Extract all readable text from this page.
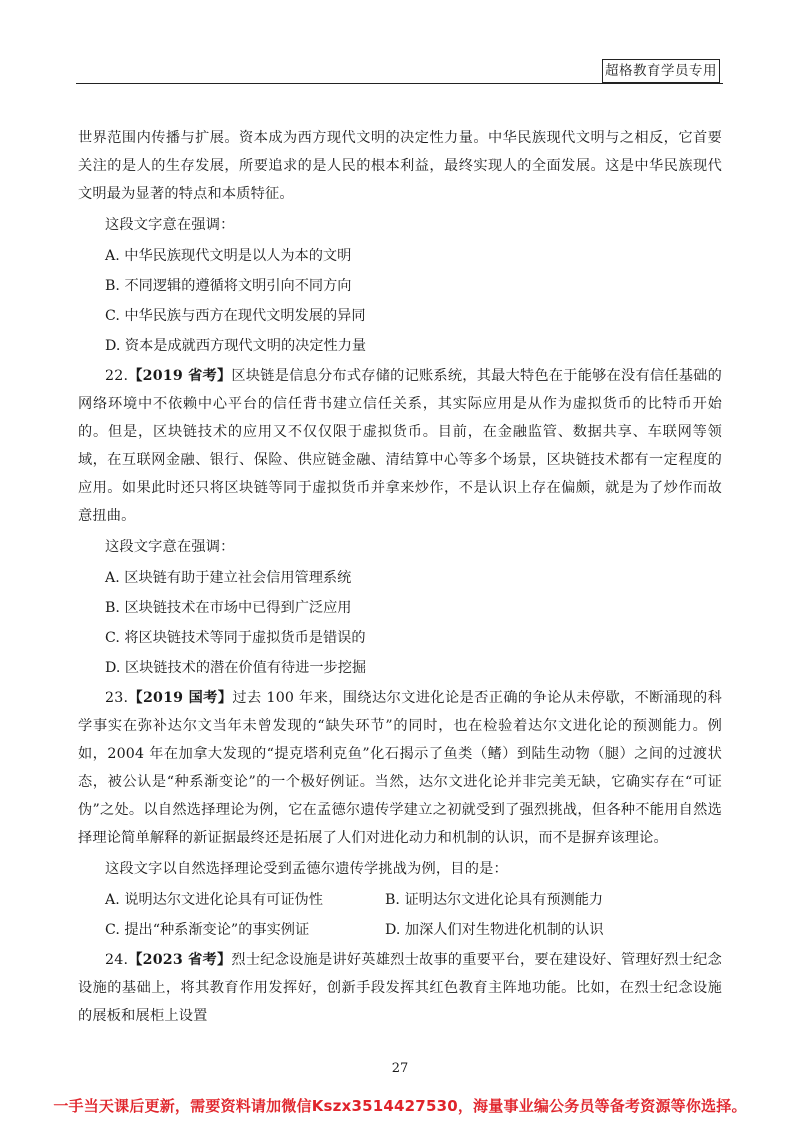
超格教育学员专用

世界范围内传播与扩展。资本成为西方现代文明的决定性力量。中华民族现代文明与之相反，它首要关注的是人的生存发展，所要追求的是人民的根本利益，最终实现人的全面发展。这是中华民族现代文明最为显著的特点和本质特征。

这段文字意在强调：

A. 中华民族现代文明是以人为本的文明
B. 不同逻辑的遵循将文明引向不同方向
C. 中华民族与西方在现代文明发展的异同
D. 资本是成就西方现代文明的决定性力量

22.【2019 省考】区块链是信息分布式存储的记账系统，其最大特色在于能够在没有信任基础的网络环境中不依赖中心平台的信任背书建立信任关系，其实际应用是从作为虚拟货币的比特币开始的。但是，区块链技术的应用又不仅仅限于虚拟货币。目前，在金融监管、数据共享、车联网等领域，在互联网金融、银行、保险、供应链金融、清结算中心等多个场景，区块链技术都有一定程度的应用。如果此时还只将区块链等同于虚拟货币并拿来炒作，不是认识上存在偏颇，就是为了炒作而故意扭曲。

这段文字意在强调：

A. 区块链有助于建立社会信用管理系统
B. 区块链技术在市场中已得到广泛应用
C. 将区块链技术等同于虚拟货币是错误的
D. 区块链技术的潜在价值有待进一步挖掘

23.【2019 国考】过去 100 年来，围绕达尔文进化论是否正确的争论从未停歇，不断涌现的科学事实在弥补达尔文当年未曾发现的“缺失环节”的同时，也在检验着达尔文进化论的预测能力。例如，2004 年在加拿大发现的“提克塔利克鱼”化石揭示了鱼类（鳍）到陆生动物（腿）之间的过渡状态，被公认是“种系渐变论”的一个极好例证。当然，达尔文进化论并非完美无缺，它确实存在“可证伪”之处。以自然选择理论为例，它在孟德尔遗传学建立之初就受到了强烈挑战，但各种不能用自然选择理论简单解释的新证据最终还是拓展了人们对进化动力和机制的认识，而不是摒弃该理论。

这段文字以自然选择理论受到孟德尔遗传学挑战为例，目的是：

A. 说明达尔文进化论具有可证伪性	B. 证明达尔文进化论具有预测能力
C. 提出“种系渐变论”的事实例证	D. 加深人们对生物进化机制的认识

24.【2023 省考】烈士纪念设施是讲好英雄烈士故事的重要平台，要在建设好、管理好烈士纪念设施的基础上，将其教育作用发挥好，创新手段发挥其红色教育主阵地功能。比如，在烈士纪念设施的展板和展柜上设置

27
一手当天课后更新，需要资料请加微信Kszx3514427530，海量事业编公务员等备考资源等你选择。
